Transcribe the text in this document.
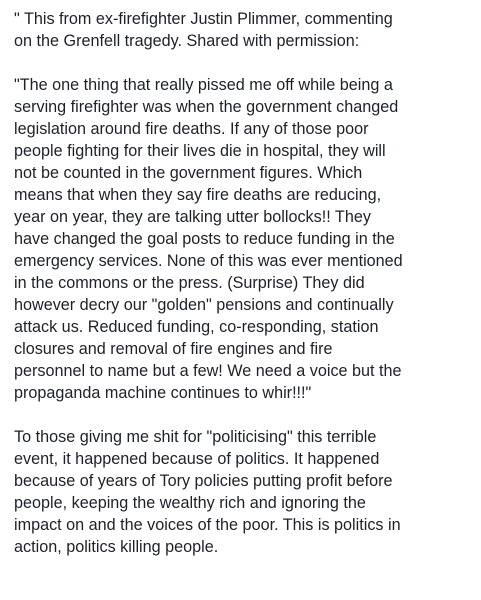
" This from ex-firefighter Justin Plimmer, commenting
on the Grenfell tragedy. Shared with permission:

"The one thing that really pissed me off while being a
serving firefighter was when the government changed
legislation around fire deaths. If any of those poor
people fighting for their lives die in hospital, they will
not be counted in the government figures. Which
means that when they say fire deaths are reducing,
year on year, they are talking utter bollocks!! They
have changed the goal posts to reduce funding in the
emergency services. None of this was ever mentioned
in the commons or the press. (Surprise) They did
however decry our "golden" pensions and continually
attack us. Reduced funding, co-responding, station
closures and removal of fire engines and fire
personnel to name but a few! We need a voice but the
propaganda machine continues to whir!!!"

To those giving me shit for "politicising" this terrible
event, it happened because of politics. It happened
because of years of Tory policies putting profit before
people, keeping the wealthy rich and ignoring the
impact on and the voices of the poor. This is politics in
action, politics killing people.
